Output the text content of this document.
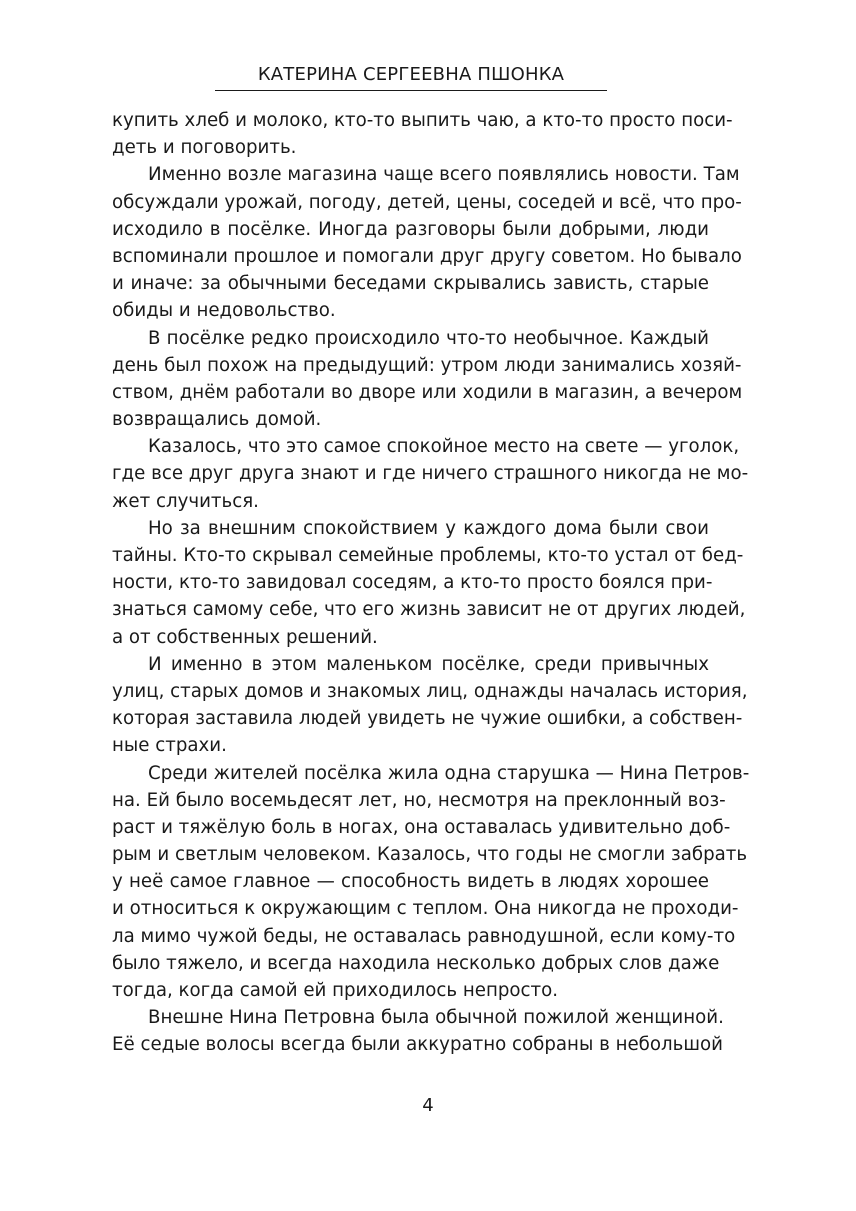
КАТЕРИНА СЕРГЕЕВНА ПШОНКА
купить хлеб и молоко, кто-то выпить чаю, а кто-то просто поси-
деть и поговорить.
Именно возле магазина чаще всего появлялись новости. Там
обсуждали урожай, погоду, детей, цены, соседей и всё, что про-
исходило в посёлке. Иногда разговоры были добрыми, люди
вспоминали прошлое и помогали друг другу советом. Но бывало
и иначе: за обычными беседами скрывались зависть, старые
обиды и недовольство.
В посёлке редко происходило что-то необычное. Каждый
день был похож на предыдущий: утром люди занимались хозяй-
ством, днём работали во дворе или ходили в магазин, а вечером
возвращались домой.
Казалось, что это самое спокойное место на свете — уголок,
где все друг друга знают и где ничего страшного никогда не мо-
жет случиться.
Но за внешним спокойствием у каждого дома были свои
тайны. Кто-то скрывал семейные проблемы, кто-то устал от бед-
ности, кто-то завидовал соседям, а кто-то просто боялся при-
знаться самому себе, что его жизнь зависит не от других людей,
а от собственных решений.
И именно в этом маленьком посёлке, среди привычных
улиц, старых домов и знакомых лиц, однажды началась история,
которая заставила людей увидеть не чужие ошибки, а собствен-
ные страхи.
Среди жителей посёлка жила одна старушка — Нина Петров-
на. Ей было восемьдесят лет, но, несмотря на преклонный воз-
раст и тяжёлую боль в ногах, она оставалась удивительно доб-
рым и светлым человеком. Казалось, что годы не смогли забрать
у неё самое главное — способность видеть в людях хорошее
и относиться к окружающим с теплом. Она никогда не проходи-
ла мимо чужой беды, не оставалась равнодушной, если кому-то
было тяжело, и всегда находила несколько добрых слов даже
тогда, когда самой ей приходилось непросто.
Внешне Нина Петровна была обычной пожилой женщиной.
Её седые волосы всегда были аккуратно собраны в небольшой
4
